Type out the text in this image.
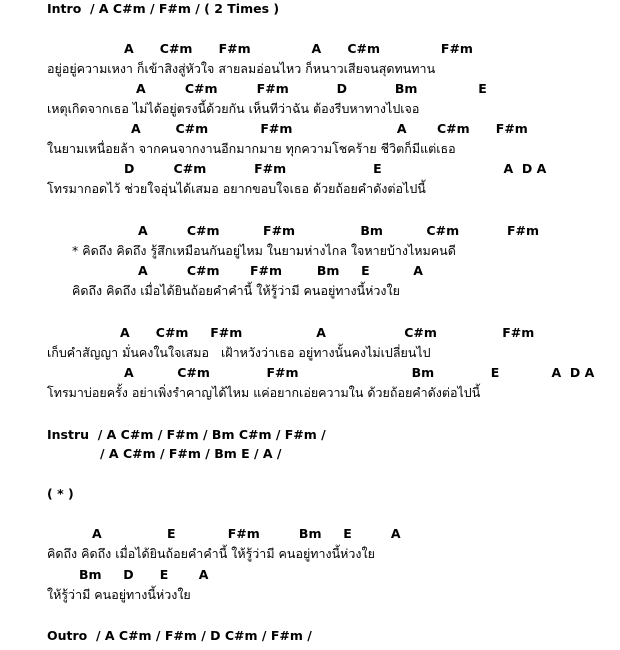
Intro  / A C#m / F#m / ( 2 Times )
A      C#m      F#m              A      C#m              F#m
อยู่อยู่ความเหงา ก็เข้าสิงสู่หัวใจ สายลมอ่อนไหว ก็หนาวเสียจนสุดทนทาน
A         C#m         F#m           D           Bm              E
เหตุเกิดจากเธอ ไม่ได้อยู่ตรงนี้ด้วยกัน เห็นทีว่าฉัน ต้องรีบหาทางไปเจอ
A        C#m            F#m                        A       C#m      F#m
ในยามเหนื่อยล้า จากคนจากงานอีกมากมาย ทุกความโชคร้าย ชีวิตก็มีแต่เธอ
D         C#m           F#m                    E                            A  D A
โทรมากอดไว้ ช่วยใจอุ่นได้เสมอ อยากขอบใจเธอ ด้วยถ้อยคำดังต่อไปนี้
A         C#m          F#m               Bm          C#m           F#m
* คิดถึง คิดถึง รู้สึกเหมือนกันอยู่ไหม ในยามห่างไกล ใจหายบ้างไหมคนดี
A         C#m       F#m        Bm     E          A
คิดถึง คิดถึง เมื่อได้ยินถ้อยคำคำนี้ ให้รู้ว่ามี คนอยู่ทางนี้ห่วงใย
A      C#m     F#m                 A                  C#m               F#m
เก็บคำสัญญา มั่นคงในใจเสมอ   เฝ้าหวังว่าเธอ อยู่ทางนั้นคงไม่เปลี่ยนไป
A          C#m             F#m                          Bm             E            A  D A
โทรมาบ่อยครั้ง อย่าเพิ่งรำคาญได้ไหม แค่อยากเอ่ยความใน ด้วยถ้อยคำดังต่อไปนี้
Instru  / A C#m / F#m / Bm C#m / F#m /
/ A C#m / F#m / Bm E / A /
( * )
A               E            F#m         Bm     E         A
คิดถึง คิดถึง เมื่อได้ยินถ้อยคำคำนี้ ให้รู้ว่ามี คนอยู่ทางนี้ห่วงใย
Bm     D      E       A
ให้รู้ว่ามี คนอยู่ทางนี้ห่วงใย
Outro  / A C#m / F#m / D C#m / F#m /
